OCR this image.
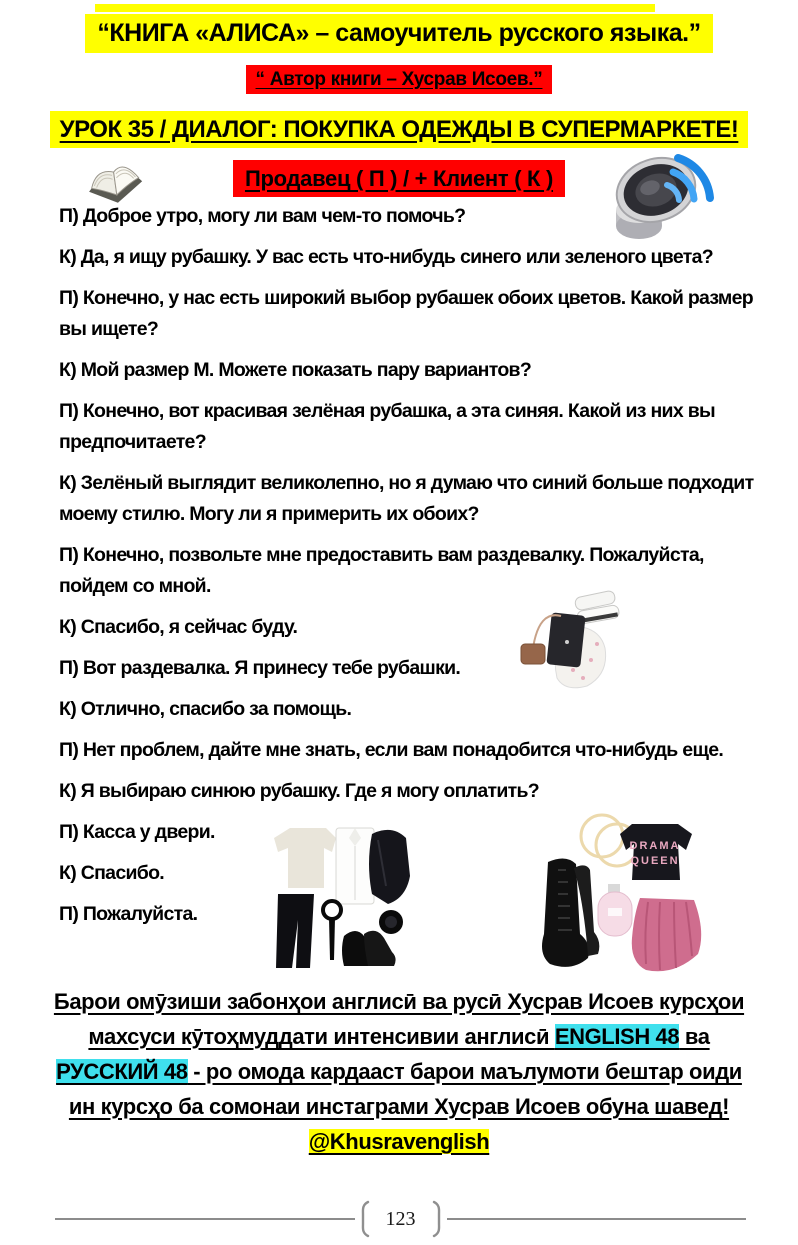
“КНИГА «АЛИСА» – самоучитель русского языка.”
“ Автор книги – Хусрав Исоев.”
УРОК 35 / ДИАЛОГ: ПОКУПКА ОДЕЖДЫ В СУПЕРМАРКЕТЕ!
Продавец ( П ) / + Клиент ( К )

П) Доброе утро, могу ли вам чем-то помочь?

К) Да, я ищу рубашку. У вас есть что-нибудь синего или зеленого цвета?

П) Конечно, у нас есть широкий выбор рубашек обоих цветов. Какой размер вы ищете?

К) Мой размер М. Можете показать пару вариантов?

П) Конечно, вот красивая зелёная рубашка, а эта синяя. Какой из них вы предпочитаете?

К) Зелёный выглядит великолепно, но я думаю что синий больше подходит моему стилю. Могу ли я примерить их обоих?

П) Конечно, позвольте мне предоставить вам раздевалку. Пожалуйста, пойдем со мной.

К) Спасибо, я сейчас буду.

П) Вот раздевалка. Я принесу тебе рубашки.

К) Отлично, спасибо за помощь.

П) Нет проблем, дайте мне знать, если вам понадобится что-нибудь еще.

К) Я выбираю синюю рубашку. Где я могу оплатить?

П) Касса у двери.

К) Спасибо.

П) Пожалуйста.

DRAMA
QUEEN
Барои омӯзиши забонҳои англисӣ ва русӣ Хусрав Исоев курсҳои
махсуси кӯтоҳмуддати интенсивии англисӣ ENGLISH 48 ва
РУССКИЙ 48 - ро омода кардааст барои маълумоти бештар оиди
ин курсҳо ба сомонаи инстаграми Хусрав Исоев обуна шавед!
@Khusravenglish
123
